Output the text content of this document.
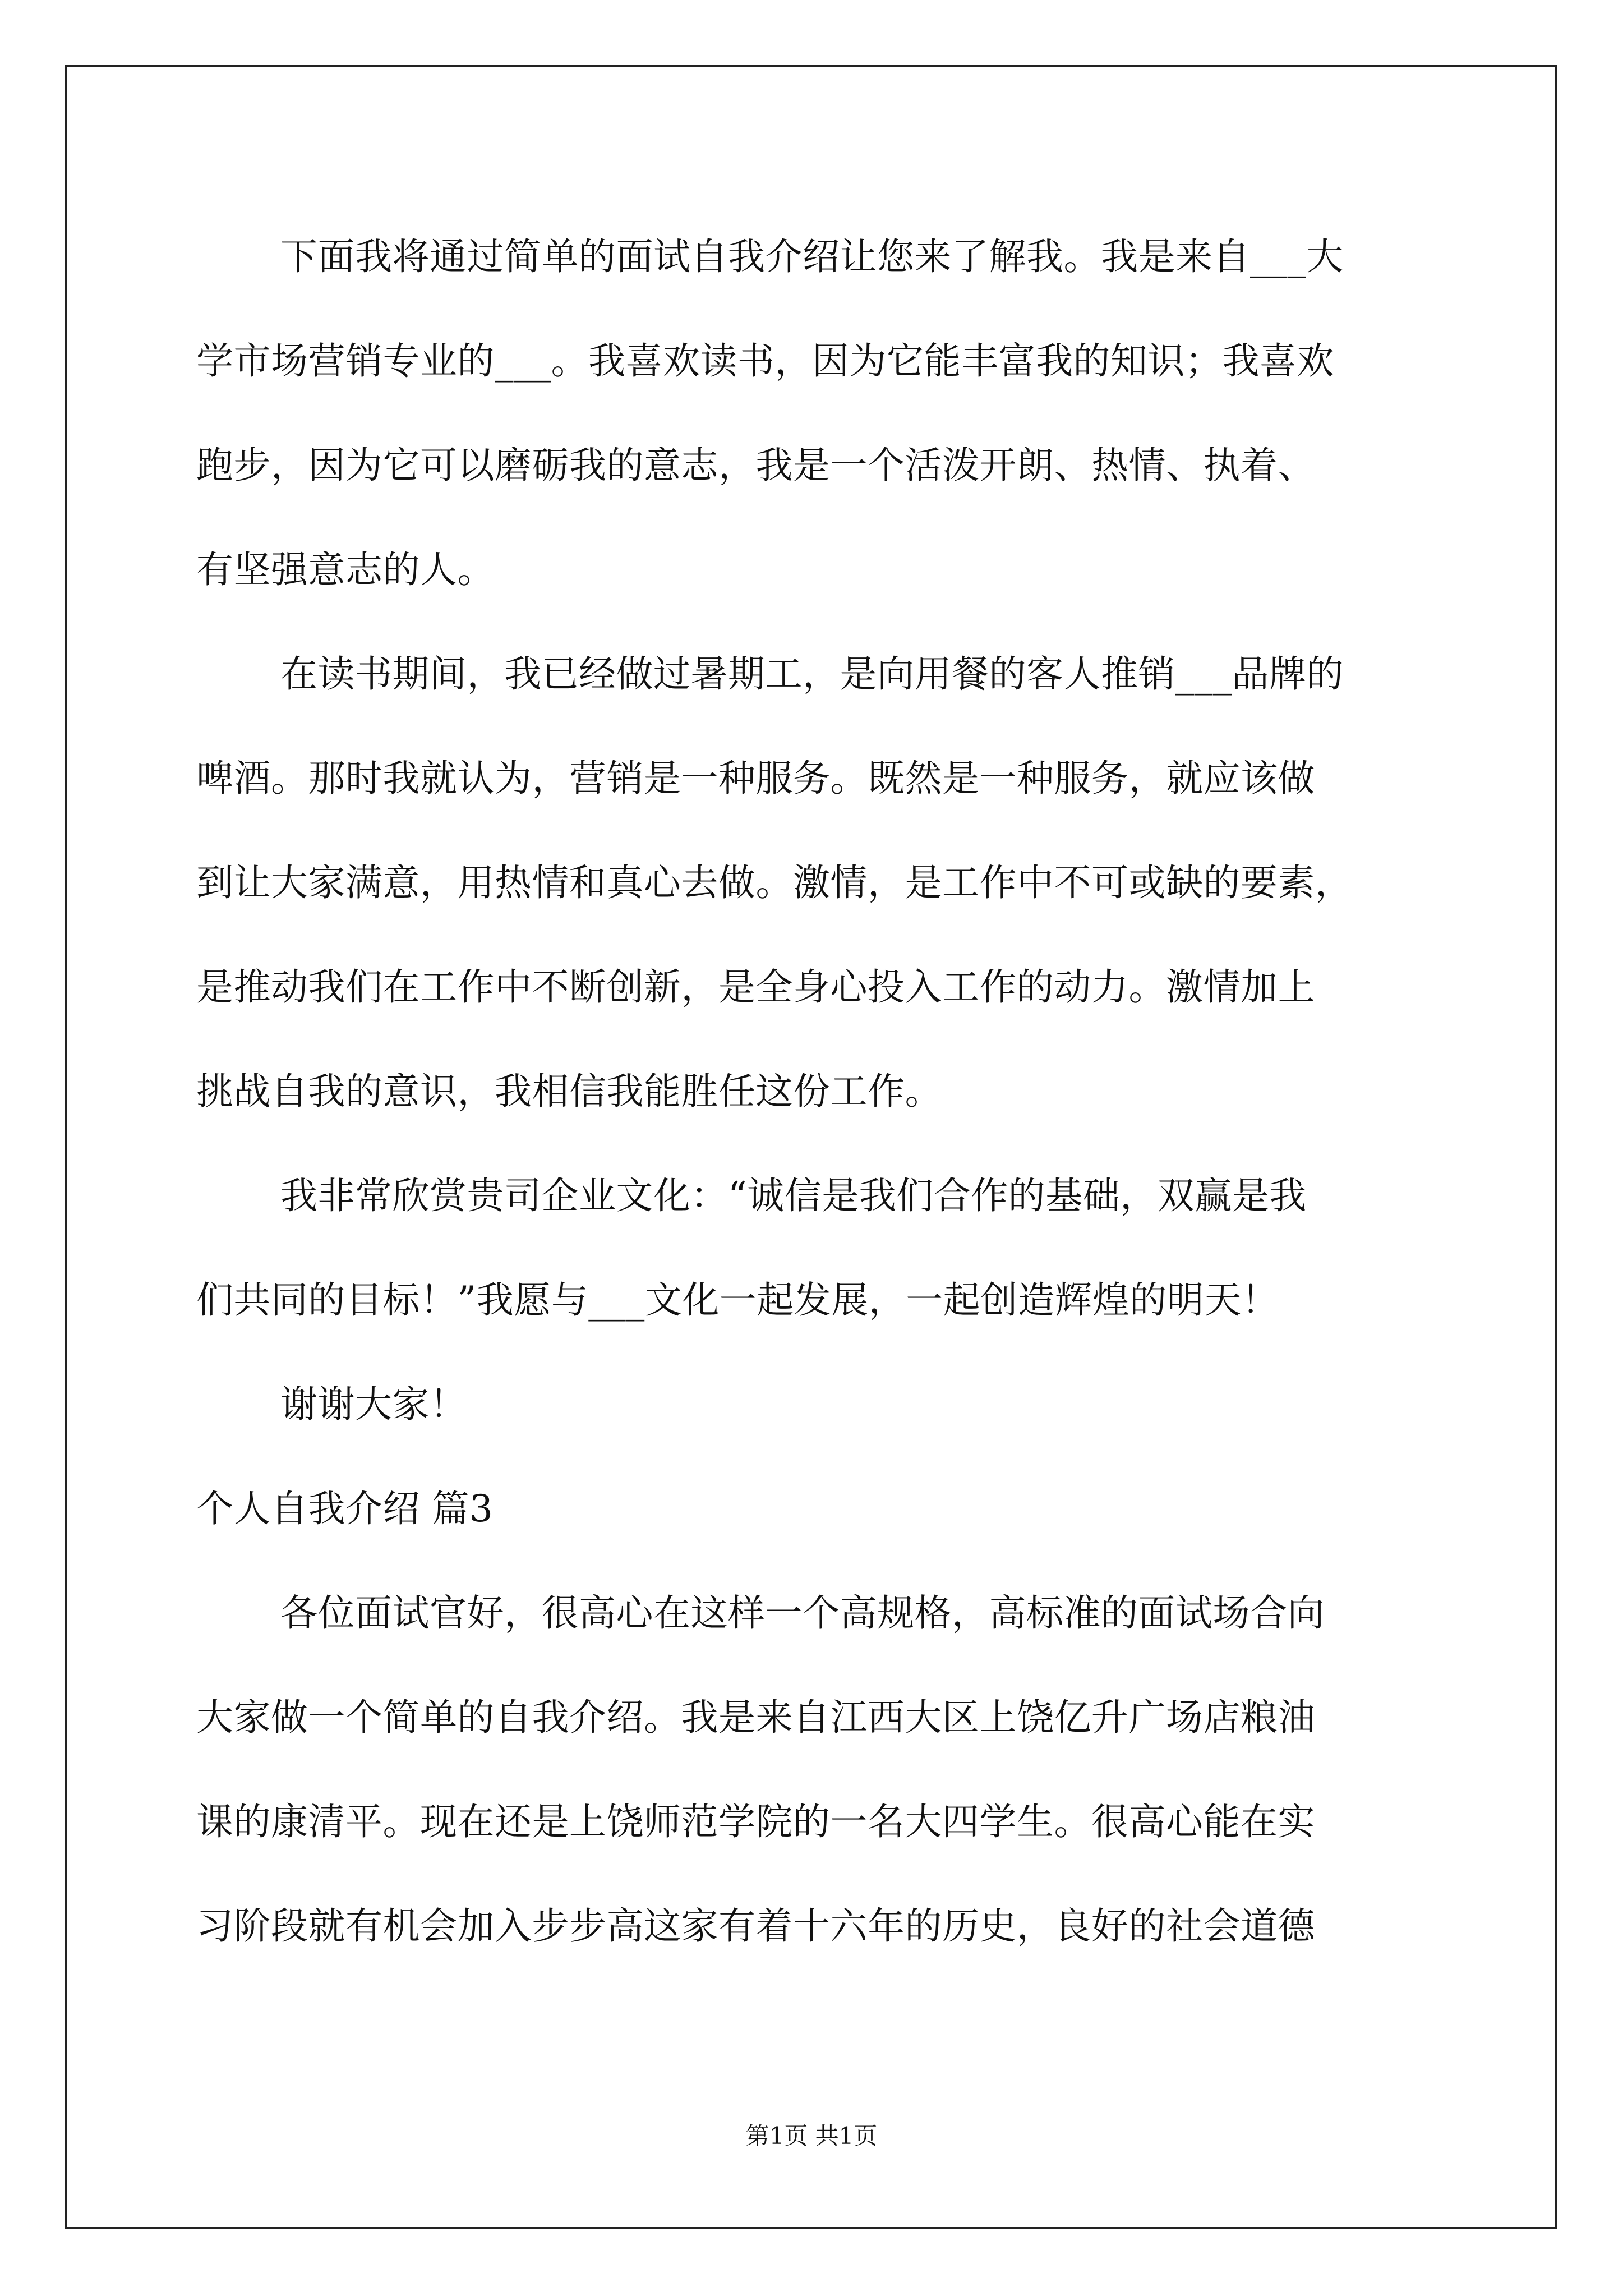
下面我将通过简单的面试自我介绍让您来了解我。我是来自___大
学市场营销专业的___。我喜欢读书，因为它能丰富我的知识；我喜欢
跑步，因为它可以磨砺我的意志，我是一个活泼开朗、热情、执着、
有坚强意志的人。
在读书期间，我已经做过暑期工，是向用餐的客人推销___品牌的
啤酒。那时我就认为，营销是一种服务。既然是一种服务，就应该做
到让大家满意，用热情和真心去做。激情，是工作中不可或缺的要素，
是推动我们在工作中不断创新，是全身心投入工作的动力。激情加上
挑战自我的意识，我相信我能胜任这份工作。
我非常欣赏贵司企业文化：“诚信是我们合作的基础，双赢是我
们共同的目标！”我愿与___文化一起发展，一起创造辉煌的明天！
谢谢大家！
个人自我介绍 篇3
各位面试官好，很高心在这样一个高规格，高标准的面试场合向
大家做一个简单的自我介绍。我是来自江西大区上饶亿升广场店粮油
课的康清平。现在还是上饶师范学院的一名大四学生。很高心能在实
习阶段就有机会加入步步高这家有着十六年的历史，良好的社会道德
第1页 共1页
